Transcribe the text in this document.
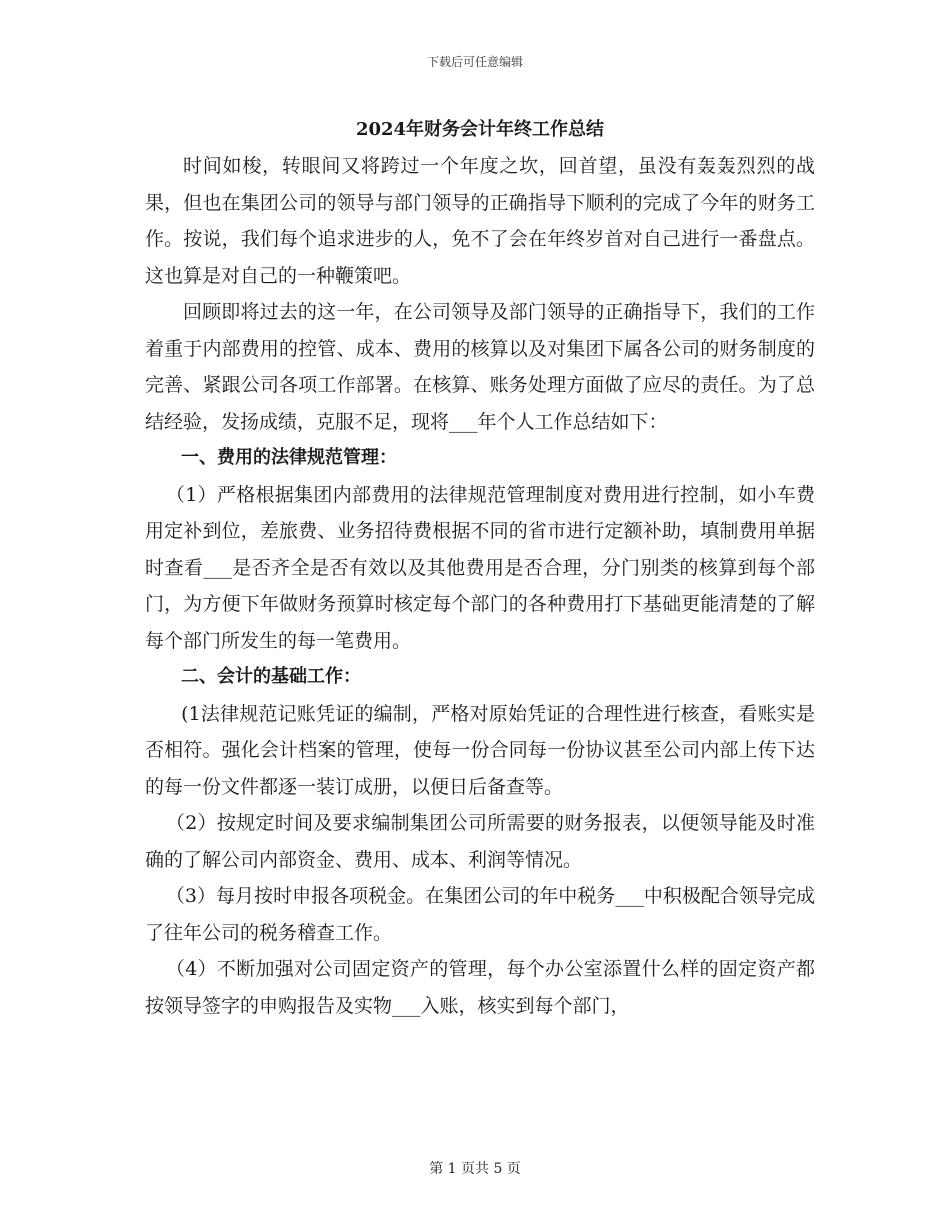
下载后可任意编辑
2024年财务会计年终工作总结

时间如梭，转眼间又将跨过一个年度之坎，回首望，虽没有轰轰烈烈的战果，但也在集团公司的领导与部门领导的正确指导下顺利的完成了今年的财务工作。按说，我们每个追求进步的人，免不了会在年终岁首对自己进行一番盘点。这也算是对自己的一种鞭策吧。

回顾即将过去的这一年，在公司领导及部门领导的正确指导下，我们的工作着重于内部费用的控管、成本、费用的核算以及对集团下属各公司的财务制度的完善、紧跟公司各项工作部署。在核算、账务处理方面做了应尽的责任。为了总结经验，发扬成绩，克服不足，现将___年个人工作总结如下：

一、费用的法律规范管理：

（1）严格根据集团内部费用的法律规范管理制度对费用进行控制，如小车费用定补到位，差旅费、业务招待费根据不同的省市进行定额补助，填制费用单据时查看___是否齐全是否有效以及其他费用是否合理，分门别类的核算到每个部门，为方便下年做财务预算时核定每个部门的各种费用打下基础更能清楚的了解每个部门所发生的每一笔费用。

二、会计的基础工作：

(1法律规范记账凭证的编制，严格对原始凭证的合理性进行核查，看账实是否相符。强化会计档案的管理，使每一份合同每一份协议甚至公司内部上传下达的每一份文件都逐一装订成册，以便日后备查等。

（2）按规定时间及要求编制集团公司所需要的财务报表，以便领导能及时准确的了解公司内部资金、费用、成本、利润等情况。

（3）每月按时申报各项税金。在集团公司的年中税务___中积极配合领导完成了往年公司的税务稽查工作。

（4）不断加强对公司固定资产的管理，每个办公室添置什么样的固定资产都按领导签字的申购报告及实物___入账，核实到每个部门，

第 1 页共 5 页
